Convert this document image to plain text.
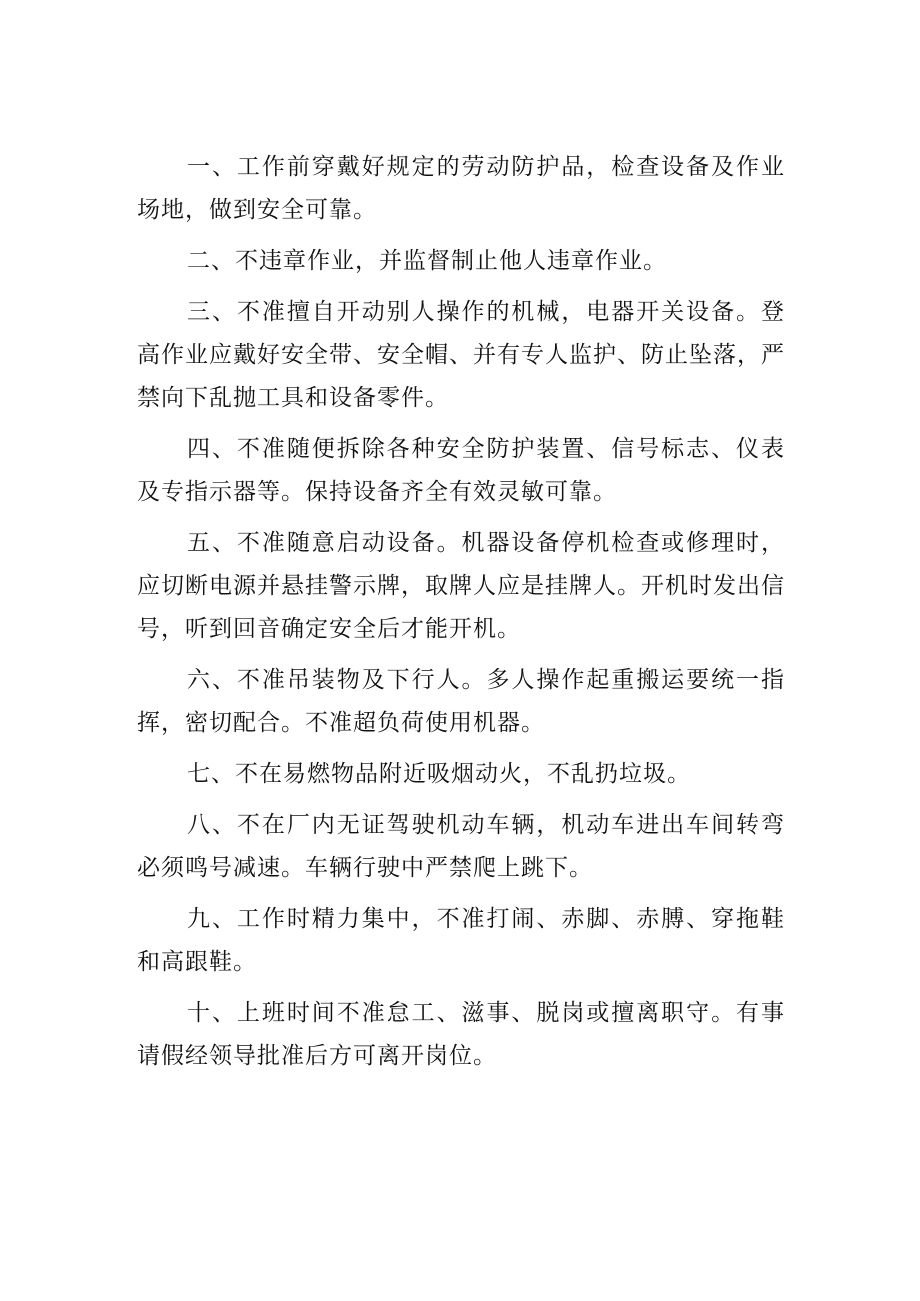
一、工作前穿戴好规定的劳动防护品，检查设备及作业场地，做到安全可靠。

二、不违章作业，并监督制止他人违章作业。

三、不准擅自开动别人操作的机械，电器开关设备。登高作业应戴好安全带、安全帽、并有专人监护、防止坠落，严禁向下乱抛工具和设备零件。

四、不准随便拆除各种安全防护装置、信号标志、仪表及专指示器等。保持设备齐全有效灵敏可靠。

五、不准随意启动设备。机器设备停机检查或修理时，应切断电源并悬挂警示牌，取牌人应是挂牌人。开机时发出信号，听到回音确定安全后才能开机。

六、不准吊装物及下行人。多人操作起重搬运要统一指挥，密切配合。不准超负荷使用机器。

七、不在易燃物品附近吸烟动火，不乱扔垃圾。

八、不在厂内无证驾驶机动车辆，机动车进出车间转弯必须鸣号减速。车辆行驶中严禁爬上跳下。

九、工作时精力集中，不准打闹、赤脚、赤膊、穿拖鞋和高跟鞋。

十、上班时间不准怠工、滋事、脱岗或擅离职守。有事请假经领导批准后方可离开岗位。
